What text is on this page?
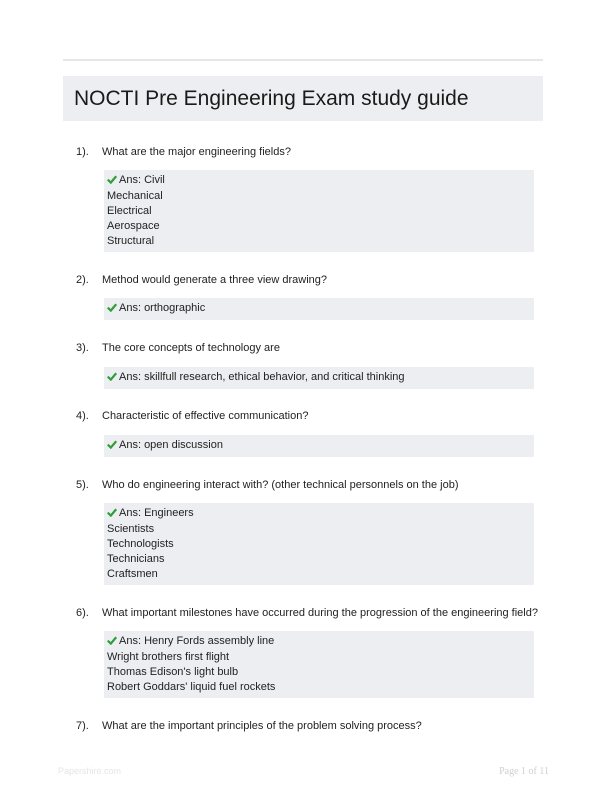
NOCTI Pre Engineering Exam study guide
1). What are the major engineering fields?
Ans: Civil
Mechanical
Electrical
Aerospace
Structural
2). Method would generate a three view drawing?
Ans: orthographic
3). The core concepts of technology are
Ans: skillfull research, ethical behavior, and critical thinking
4). Characteristic of effective communication?
Ans: open discussion
5). Who do engineering interact with? (other technical personnels on the job)
Ans: Engineers
Scientists
Technologists
Technicians
Craftsmen
6). What important milestones have occurred during the progression of the engineering field?
Ans: Henry Fords assembly line
Wright brothers first flight
Thomas Edison's light bulb
Robert Goddars' liquid fuel rockets
7). What are the important principles of the problem solving process?
Papershire.com	Page 1 of 11
